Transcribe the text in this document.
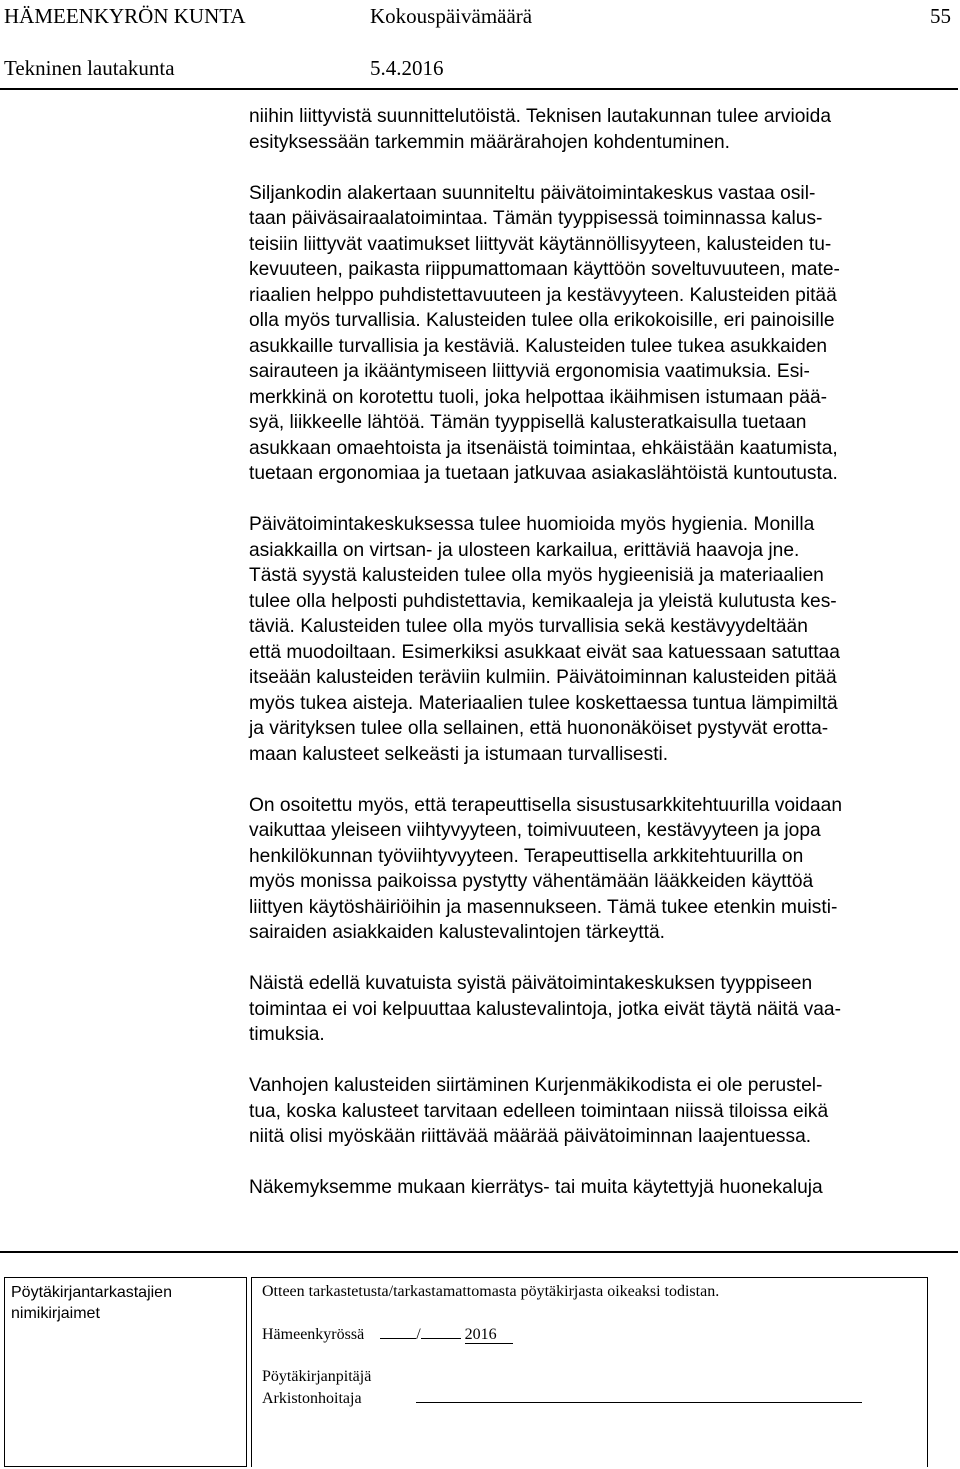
HÄMEENKYRÖN KUNTA	Kokouspäivämäärä	55
Tekninen lautakunta	5.4.2016

niihin liittyvistä suunnittelutöistä. Teknisen lautakunnan tulee arvioida
esityksessään tarkemmin määrärahojen kohdentuminen.

Siljankodin alakertaan suunniteltu päivätoimintakeskus vastaa osil-
taan päiväsairaalatoimintaa. Tämän tyyppisessä toiminnassa kalus-
teisiin liittyvät vaatimukset liittyvät käytännöllisyyteen, kalusteiden tu-
kevuuteen, paikasta riippumattomaan käyttöön soveltuvuuteen, mate-
riaalien helppo puhdistettavuuteen ja kestävyyteen. Kalusteiden pitää
olla myös turvallisia. Kalusteiden tulee olla erikokoisille, eri painoisille
asukkaille turvallisia ja kestäviä. Kalusteiden tulee tukea asukkaiden
sairauteen ja ikääntymiseen liittyviä ergonomisia vaatimuksia. Esi-
merkkinä on korotettu tuoli, joka helpottaa ikäihmisen istumaan pää-
syä, liikkeelle lähtöä. Tämän tyyppisellä kalusteratkaisulla tuetaan
asukkaan omaehtoista ja itsenäistä toimintaa, ehkäistään kaatumista,
tuetaan ergonomiaa ja tuetaan jatkuvaa asiakaslähtöistä kuntoutusta.

Päivätoimintakeskuksessa tulee huomioida myös hygienia. Monilla
asiakkailla on virtsan- ja ulosteen karkailua, erittäviä haavoja jne.
Tästä syystä kalusteiden tulee olla myös hygieenisiä ja materiaalien
tulee olla helposti puhdistettavia, kemikaaleja ja yleistä kulutusta kes-
täviä. Kalusteiden tulee olla myös turvallisia sekä kestävyydeltään
että muodoiltaan. Esimerkiksi asukkaat eivät saa katuessaan satuttaa
itseään kalusteiden teräviin kulmiin. Päivätoiminnan kalusteiden pitää
myös tukea aisteja. Materiaalien tulee koskettaessa tuntua lämpimiltä
ja värityksen tulee olla sellainen, että huononäköiset pystyvät erotta-
maan kalusteet selkeästi ja istumaan turvallisesti.

On osoitettu myös, että terapeuttisella sisustusarkkitehtuurilla voidaan
vaikuttaa yleiseen viihtyvyyteen, toimivuuteen, kestävyyteen ja jopa
henkilökunnan työviihtyvyyteen. Terapeuttisella arkkitehtuurilla on
myös monissa paikoissa pystytty vähentämään lääkkeiden käyttöä
liittyen käytöshäiriöihin ja masennukseen. Tämä tukee etenkin muisti-
sairaiden asiakkaiden kalustevalintojen tärkeyttä.

Näistä edellä kuvatuista syistä päivätoimintakeskuksen tyyppiseen
toimintaa ei voi kelpuuttaa kalustevalintoja, jotka eivät täytä näitä vaa-
timuksia.

Vanhojen kalusteiden siirtäminen Kurjenmäkikodista ei ole perustel-
tua, koska kalusteet tarvitaan edelleen toimintaan niissä tiloissa eikä
niitä olisi myöskään riittävää määrää päivätoiminnan laajentuessa.

Näkemyksemme mukaan kierrätys- tai muita käytettyjä huonekaluja

Pöytäkirjantarkastajien
nimikirjaimet
Otteen tarkastetusta/tarkastamattomasta pöytäkirjasta oikeaksi todistan.
Hämeenkyrössä	/	2016
Pöytäkirjanpitäjä
Arkistonhoitaja
